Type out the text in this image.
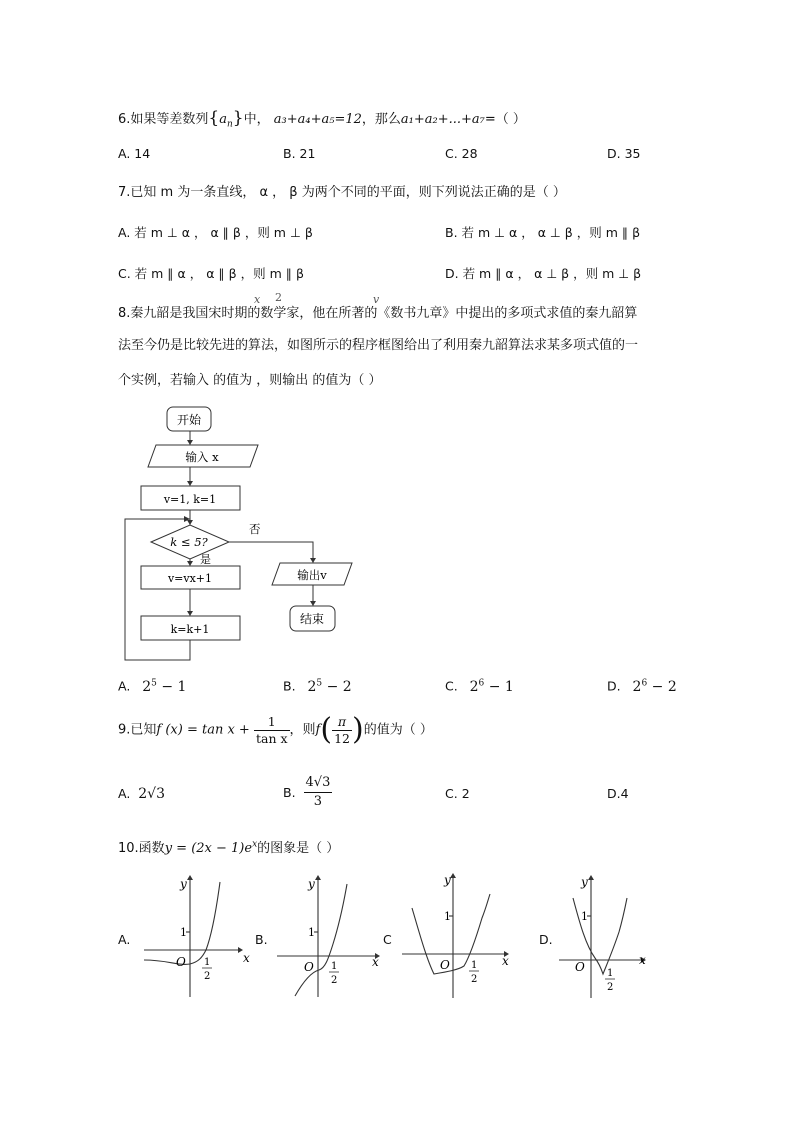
6.如果等差数列$\{a_n\}$中， a₃+a₄+a₅=12，那么a₁+a₂+...+a₇=（ ）
A. 14	B. 21	C. 28	D. 35
7.已知 m 为一条直线， α ， β 为两个不同的平面，则下列说法正确的是（ ）
A. 若 m ⊥ α ， α ∥ β ，则 m ⊥ β	B. 若 m ⊥ α ， α ⊥ β ，则 m ∥ β
C. 若 m ∥ α ， α ∥ β ，则 m ∥ β	D. 若 m ∥ α ， α ⊥ β ，则 m ⊥ β
x 2	v
8.秦九韶是我国宋时期的数学家，他在所著的《数书九章》中提出的多项式求值的秦九韶算
法至今仍是比较先进的算法，如图所示的程序框图给出了利用秦九韶算法求某多项式值的一
个实例，若输入 的值为 ，则输出 的值为（ ）
开始
输入 x
v=1, k=1
k ≤ 5?
否
是
v=vx+1
k=k+1
输出v
结束
A. $2^5 - 1$	B. $2^5 - 2$	C. $2^6 - 1$	D. $2^6 - 2$
9.已知f $(x) = \tan x + \frac{1}{\text{tan x}}$ ，则$f( \frac{\pi}{12}$ )的值为（ ）
A. 2√3	B. $\frac{4√3}{3}$	C. 2	D.4
10.函数$y = (2x - 1)e^x$的图象是（ ）
A.
y
x
O
1
1
2
B.
y
x
O
1
1
2
C
y
x
O
1
1
2
D.
y
x
O
1
1
2
